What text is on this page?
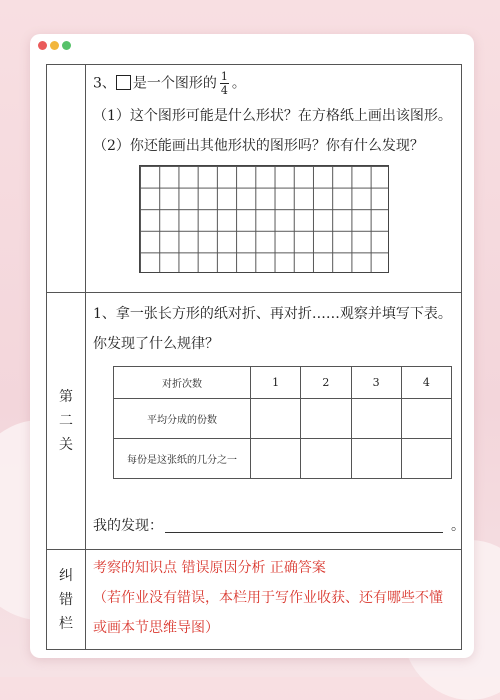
3、 是一个图形的 $\frac{1}{4}$ 。
（1）这个图形可能是什么形状？在方格纸上画出该图形。
（2）你还能画出其他形状的图形吗？你有什么发现？
第
二
关
1、拿一张长方形的纸对折、再对折……观察并填写下表。
你发现了什么规律？
对折次数	1	2	3	4
平均分成的份数				
每份是这张纸的几分之一				
我的发现：	。
纠
错
栏
考察的知识点 错误原因分析 正确答案
（若作业没有错误，本栏用于写作业收获、还有哪些不懂
或画本节思维导图）
